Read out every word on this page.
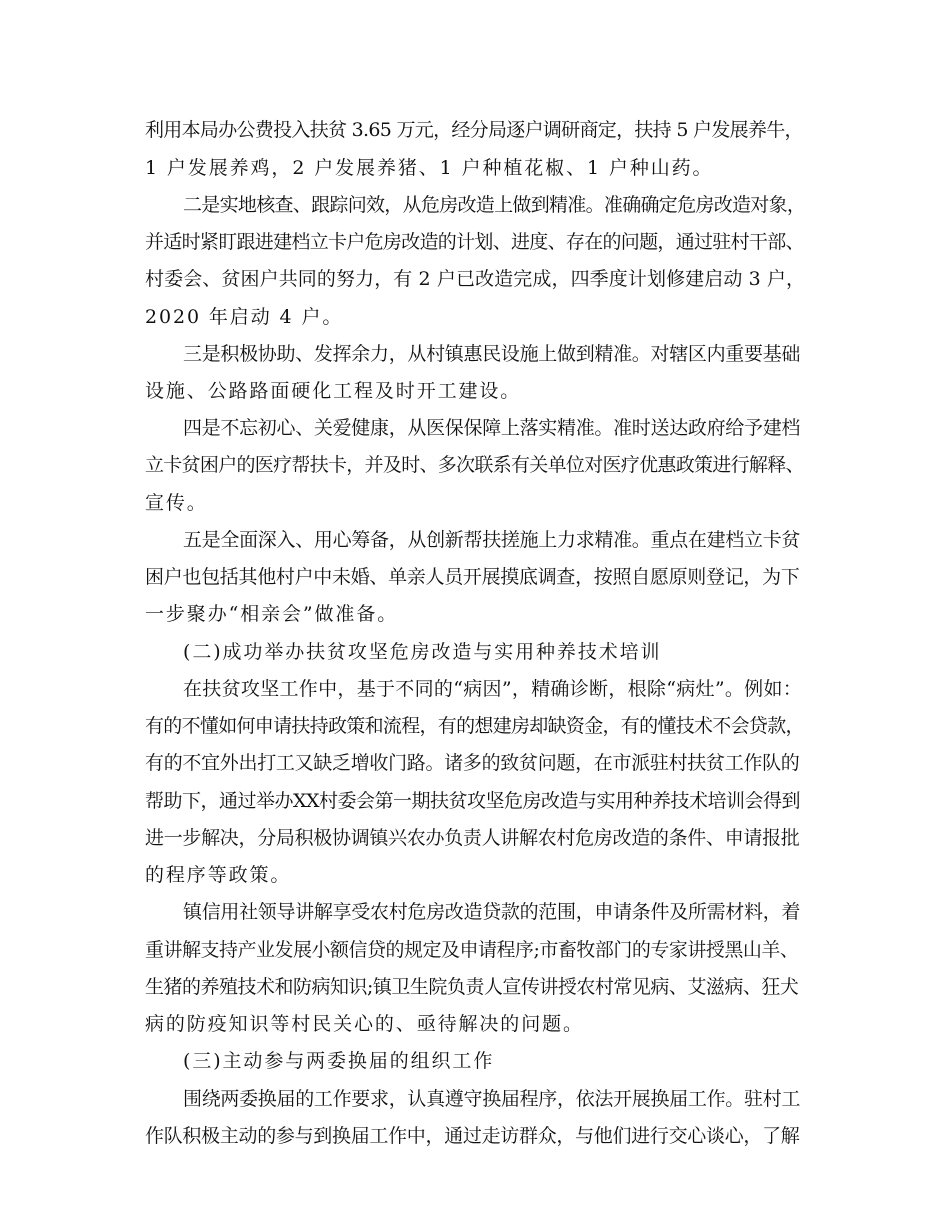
利用本局办公费投入扶贫 3.65 万元，经分局逐户调研商定，扶持 5 户发展养牛，
1 户发展养鸡，2 户发展养猪、1 户种植花椒、1 户种山药。
二是实地核查、跟踪问效，从危房改造上做到精准。准确确定危房改造对象，
并适时紧盯跟进建档立卡户危房改造的计划、进度、存在的问题，通过驻村干部、
村委会、贫困户共同的努力，有 2 户已改造完成，四季度计划修建启动 3 户，
2020 年启动 4 户。
三是积极协助、发挥余力，从村镇惠民设施上做到精准。对辖区内重要基础
设施、公路路面硬化工程及时开工建设。
四是不忘初心、关爱健康，从医保保障上落实精准。准时送达政府给予建档
立卡贫困户的医疗帮扶卡，并及时、多次联系有关单位对医疗优惠政策进行解释、
宣传。
五是全面深入、用心筹备，从创新帮扶搓施上力求精准。重点在建档立卡贫
困户也包括其他村户中未婚、单亲人员开展摸底调查，按照自愿原则登记，为下
一步聚办“相亲会”做准备。
(二)成功举办扶贫攻坚危房改造与实用种养技术培训
在扶贫攻坚工作中，基于不同的“病因”，精确诊断，根除“病灶”。例如：
有的不懂如何申请扶持政策和流程，有的想建房却缺资金，有的懂技术不会贷款，
有的不宜外出打工又缺乏增收门路。诸多的致贫问题，在市派驻村扶贫工作队的
帮助下，通过举办XX村委会第一期扶贫攻坚危房改造与实用种养技术培训会得到
进一步解决，分局积极协调镇兴农办负责人讲解农村危房改造的条件、申请报批
的程序等政策。
镇信用社领导讲解享受农村危房改造贷款的范围，申请条件及所需材料，着
重讲解支持产业发展小额信贷的规定及申请程序;市畜牧部门的专家讲授黑山羊、
生猪的养殖技术和防病知识;镇卫生院负责人宣传讲授农村常见病、艾滋病、狂犬
病的防疫知识等村民关心的、亟待解决的问题。
(三)主动参与两委换届的组织工作
围绕两委换届的工作要求，认真遵守换届程序，依法开展换届工作。驻村工
作队积极主动的参与到换届工作中，通过走访群众，与他们进行交心谈心，了解
